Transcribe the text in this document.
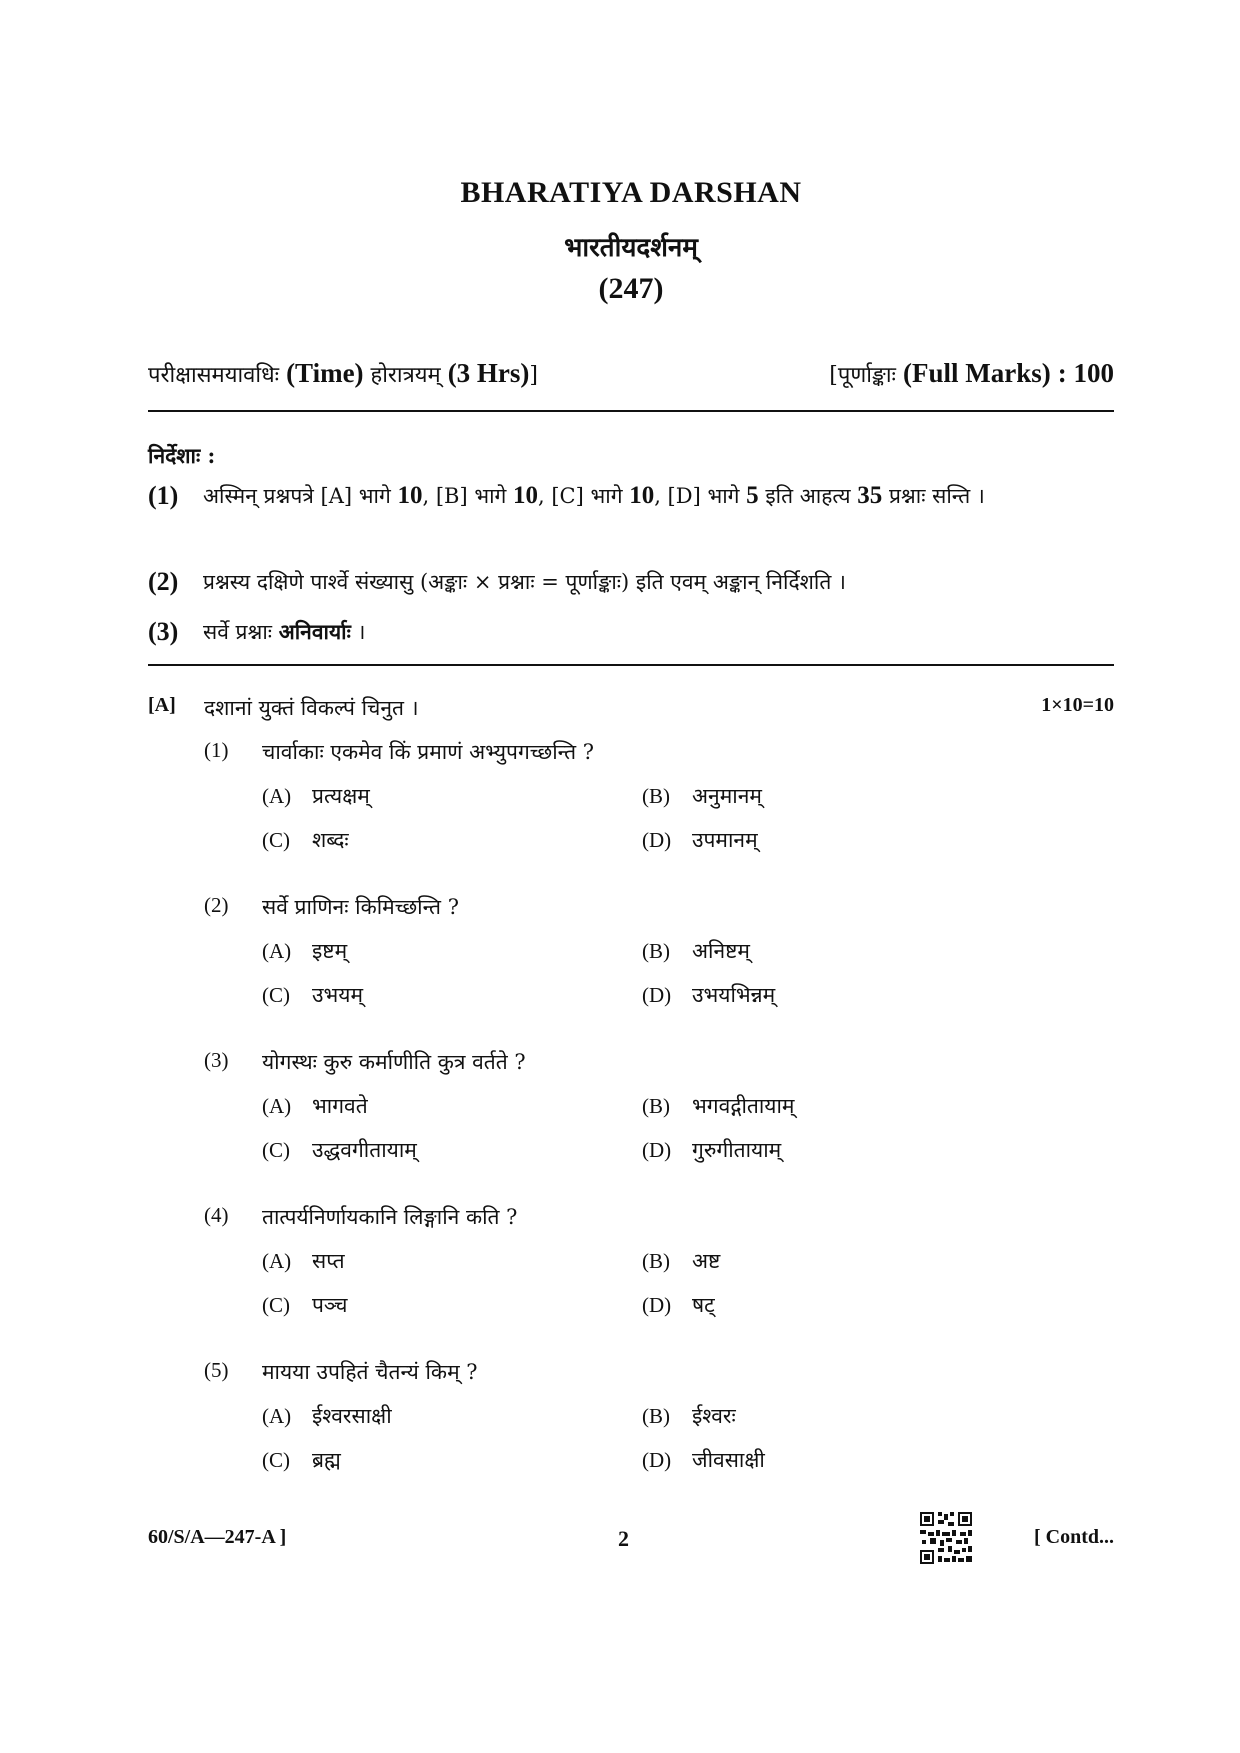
BHARATIYA DARSHAN
भारतीयदर्शनम्
(247)
परीक्षासमयावधिः (Time) होरात्रयम् (3 Hrs)]	[पूर्णाङ्काः (Full Marks) : 100
निर्देशाः :
(1) अस्मिन् प्रश्नपत्रे [A] भागे 10, [B] भागे 10, [C] भागे 10, [D] भागे 5 इति आहत्य 35 प्रश्नाः सन्ति ।
(2) प्रश्नस्य दक्षिणे पार्श्वे संख्यासु (अङ्काः × प्रश्नाः = पूर्णाङ्काः) इति एवम् अङ्कान् निर्दिशति ।
(3) सर्वे प्रश्नाः अनिवार्याः ।
[A] दशानां युक्तं विकल्पं चिनुत ।	1×10=10
(1) चार्वाकाः एकमेव किं प्रमाणं अभ्युपगच्छन्ति ?
(A) प्रत्यक्षम्	(B) अनुमानम्
(C) शब्दः	(D) उपमानम्
(2) सर्वे प्राणिनः किमिच्छन्ति ?
(A) इष्टम्	(B) अनिष्टम्
(C) उभयम्	(D) उभयभिन्नम्
(3) योगस्थः कुरु कर्माणीति कुत्र वर्तते ?
(A) भागवते	(B) भगवद्गीतायाम्
(C) उद्धवगीतायाम्	(D) गुरुगीतायाम्
(4) तात्पर्यनिर्णायकानि लिङ्गानि कति ?
(A) सप्त	(B) अष्ट
(C) पञ्च	(D) षट्
(5) मायया उपहितं चैतन्यं किम् ?
(A) ईश्वरसाक्षी	(B) ईश्वरः
(C) ब्रह्म	(D) जीवसाक्षी
60/S/A—247-A ]	2	[ Contd...
